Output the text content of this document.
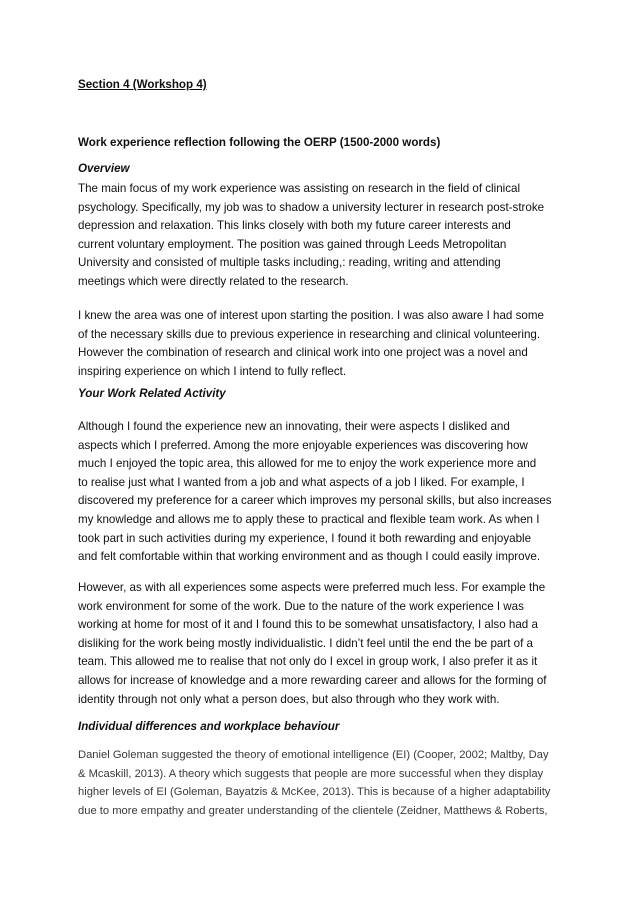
Section 4 (Workshop 4)

Work experience reflection following the OERP (1500-2000 words)

Overview

The main focus of my work experience was assisting on research in the field of clinical
psychology. Specifically, my job was to shadow a university lecturer in research post-stroke
depression and relaxation. This links closely with both my future career interests and
current voluntary employment. The position was gained through Leeds Metropolitan
University and consisted of multiple tasks including,: reading, writing and attending
meetings which were directly related to the research.

I knew the area was one of interest upon starting the position. I was also aware I had some
of the necessary skills due to previous experience in researching and clinical volunteering.
However the combination of research and clinical work into one project was a novel and
inspiring experience on which I intend to fully reflect.

Your Work Related Activity

Although I found the experience new an innovating, their were aspects I disliked and
aspects which I preferred. Among the more enjoyable experiences was discovering how
much I enjoyed the topic area, this allowed for me to enjoy the work experience more and
to realise just what I wanted from a job and what aspects of a job I liked. For example, I
discovered my preference for a career which improves my personal skills, but also increases
my knowledge and allows me to apply these to practical and flexible team work. As when I
took part in such activities during my experience, I found it both rewarding and enjoyable
and felt comfortable within that working environment and as though I could easily improve.

However, as with all experiences some aspects were preferred much less. For example the
work environment for some of the work. Due to the nature of the work experience I was
working at home for most of it and I found this to be somewhat unsatisfactory, I also had a
disliking for the work being mostly individualistic. I didn’t feel until the end the be part of a
team. This allowed me to realise that not only do I excel in group work, I also prefer it as it
allows for increase of knowledge and a more rewarding career and allows for the forming of
identity through not only what a person does, but also through who they work with.

Individual differences and workplace behaviour

Daniel Goleman suggested the theory of emotional intelligence (EI) (Cooper, 2002; Maltby, Day
& Mcaskill, 2013). A theory which suggests that people are more successful when they display
higher levels of EI (Goleman, Bayatzis & McKee, 2013). This is because of a higher adaptability
due to more empathy and greater understanding of the clientele (Zeidner, Matthews & Roberts,
